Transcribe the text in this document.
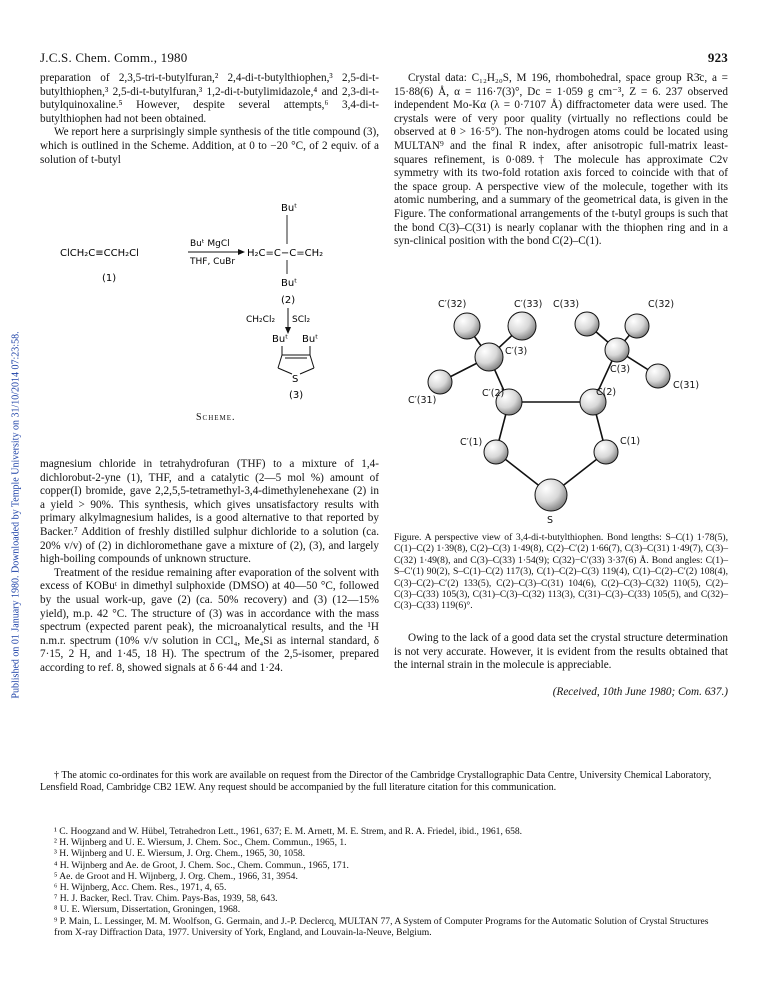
J.C.S. Chem. Comm., 1980	923
Published on 01 January 1980. Downloaded by Temple University on 31/10/2014 07:23:58.

preparation of 2,3,5-tri-t-butylfuran,² 2,4-di-t-butylthiophen,³ 2,5-di-t-butylthiophen,³ 2,5-di-t-butylfuran,³ 1,2-di-t-butylimidazole,⁴ and 2,3-di-t-butylquinoxaline.⁵ However, despite several attempts,⁶ 3,4-di-t-butylthiophen had not been obtained.

We report here a surprisingly simple synthesis of the title compound (3), which is outlined in the Scheme. Addition, at 0 to −20 °C, of 2 equiv. of a solution of t-butyl

ClCH₂C≡CCH₂Cl
(1)
Buᵗ MgCl
THF, CuBr
Buᵗ
H₂C=C−C=CH₂
Buᵗ
(2)
CH₂Cl₂ SCl₂
Buᵗ Buᵗ
S
(3)
Scheme.

magnesium chloride in tetrahydrofuran (THF) to a mixture of 1,4-dichlorobut-2-yne (1), THF, and a catalytic (2—5 mol %) amount of copper(I) bromide, gave 2,2,5,5-tetramethyl-3,4-dimethylenehexane (2) in a yield > 90%. This synthesis, which gives unsatisfactory results with primary alkylmagnesium halides, is a good alternative to that reported by Backer.⁷ Addition of freshly distilled sulphur dichloride to a solution (ca. 20% v/v) of (2) in dichloromethane gave a mixture of (2), (3), and largely high-boiling compounds of unknown structure.

Treatment of the residue remaining after evaporation of the solvent with excess of KOBuᵗ in dimethyl sulphoxide (DMSO) at 40—50 °C, followed by the usual work-up, gave (2) (ca. 50% recovery) and (3) (12—15% yield), m.p. 42 °C. The structure of (3) was in accordance with the mass spectrum (expected parent peak), the microanalytical results, and the ¹H n.m.r. spectrum (10% v/v solution in CCl₄, Me₄Si as internal standard, δ 7·15, 2 H, and 1·45, 18 H). The spectrum of the 2,5-isomer, prepared according to ref. 8, showed signals at δ 6·44 and 1·24.

Crystal data: C₁₂H₂₀S, M 196, rhombohedral, space group R3̄c, a = 15·88(6) Å, α = 116·7(3)°, Dc = 1·059 g cm⁻³, Z = 6. 237 observed independent Mo-Kα (λ = 0·7107 Å) diffractometer data were used. The crystals were of very poor quality (virtually no reflections could be observed at θ > 16·5°). The non-hydrogen atoms could be located using MULTAN⁹ and the final R index, after anisotropic full-matrix least-squares refinement, is 0·089.† The molecule has approximate C2v symmetry with its two-fold rotation axis forced to coincide with that of the space group. A perspective view of the molecule, together with its atomic numbering, and a summary of the geometrical data, is given in the Figure. The conformational arrangements of the t-butyl groups is such that the bond C(3)–C(31) is nearly coplanar with the thiophen ring and in a syn-clinical position with the bond C(2)–C(1).

C′(32)	C′(33) C(33)	C(32)
C′(3)
C(3)
C′(31)
C′(2)	C(2)
C(31)
C′(1)	C(1)
S
Figure. A perspective view of 3,4-di-t-butylthiophen. Bond lengths: S–C(1) 1·78(5), C(1)–C(2) 1·39(8), C(2)–C(3) 1·49(8), C(2)–C′(2) 1·66(7), C(3)–C(31) 1·49(7), C(3)–C(32) 1·49(8), and C(3)–C(33) 1·54(9); C(32)−C′(33) 3·37(6) Å. Bond angles: C(1)–S–C′(1) 90(2), S–C(1)–C(2) 117(3), C(1)–C(2)–C(3) 119(4), C(1)–C(2)–C′(2) 108(4), C(3)–C(2)–C′(2) 133(5), C(2)–C(3)–C(31) 104(6), C(2)–C(3)–C(32) 110(5), C(2)–C(3)–C(33) 105(3), C(31)–C(3)–C(32) 113(3), C(31)–C(3)–C(33) 105(5), and C(32)–C(3)–C(33) 119(6)°.

Owing to the lack of a good data set the crystal structure determination is not very accurate. However, it is evident from the results obtained that the internal strain in the molecule is appreciable.

(Received, 10th June 1980; Com. 637.)
† The atomic co-ordinates for this work are available on request from the Director of the Cambridge Crystallographic Data Centre, University Chemical Laboratory, Lensfield Road, Cambridge CB2 1EW. Any request should be accompanied by the full literature citation for this communication.
¹ C. Hoogzand and W. Hübel, Tetrahedron Lett., 1961, 637; E. M. Arnett, M. E. Strem, and R. A. Friedel, ibid., 1961, 658.
² H. Wijnberg and U. E. Wiersum, J. Chem. Soc., Chem. Commun., 1965, 1.
³ H. Wijnberg and U. E. Wiersum, J. Org. Chem., 1965, 30, 1058.
⁴ H. Wijnberg and Ae. de Groot, J. Chem. Soc., Chem. Commun., 1965, 171.
⁵ Ae. de Groot and H. Wijnberg, J. Org. Chem., 1966, 31, 3954.
⁶ H. Wijnberg, Acc. Chem. Res., 1971, 4, 65.
⁷ H. J. Backer, Recl. Trav. Chim. Pays-Bas, 1939, 58, 643.
⁸ U. E. Wiersum, Dissertation, Groningen, 1968.
⁹ P. Main, L. Lessinger, M. M. Woolfson, G. Germain, and J.-P. Declercq, MULTAN 77, A System of Computer Programs for the Automatic Solution of Crystal Structures from X-ray Diffraction Data, 1977. University of York, England, and Louvain-la-Neuve, Belgium.
